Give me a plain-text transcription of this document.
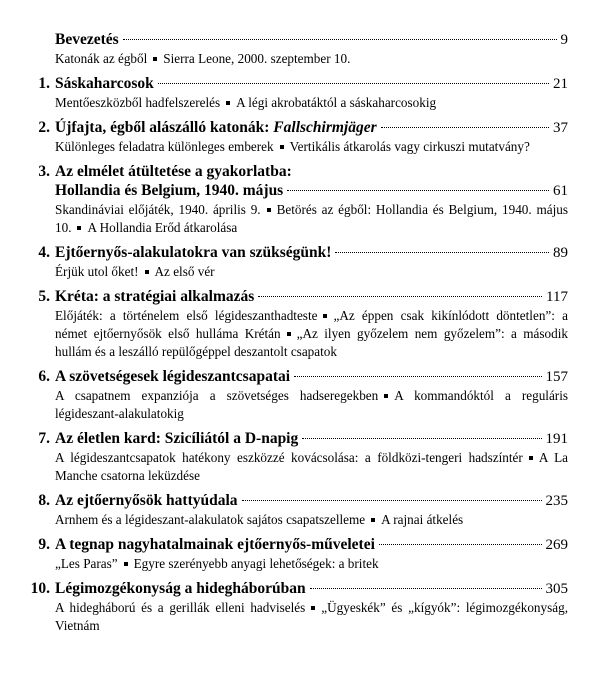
Bevezetés	9
Katonák az égből Sierra Leone, 2000. szeptember 10.
1. Sáskaharcosok	21
Mentőeszközből hadfelszerelés A légi akrobatáktól a sáskaharcosokig
2. Újfajta, égből alászálló katonák: Fallschirmjäger	37
Különleges feladatra különleges emberek Vertikális átkarolás vagy cirkuszi mutatvány?
3. Az elmélet átültetése a gyakorlatba:
Hollandia és Belgium, 1940. május	61
Skandináviai előjáték, 1940. április 9. Betörés az égből: Hollandia és Belgium, 1940. május 10. A Hollandia Erőd átkarolása
4. Ejtőernyős-alakulatokra van szükségünk!	89
Érjük utol őket! Az első vér
5. Kréta: a stratégiai alkalmazás	117
Előjáték: a történelem első légideszanthadteste „Az éppen csak kikínlódott döntetlen”: a német ejtőernyősök első hulláma Krétán „Az ilyen győzelem nem győzelem”: a második hullám és a leszálló repülőgéppel deszantolt csapatok
6. A szövetségesek légideszantcsapatai	157
A csapatnem expanziója a szövetséges hadseregekben A kommandóktól a reguláris légideszant-alakulatokig
7. Az életlen kard: Szicíliától a D-napig	191
A légideszantcsapatok hatékony eszközzé kovácsolása: a földközi-tengeri hadszíntér A La Manche csatorna leküzdése
8. Az ejtőernyősök hattyúdala	235
Arnhem és a légideszant-alakulatok sajátos csapatszelleme A rajnai átkelés
9. A tegnap nagyhatalmainak ejtőernyős-műveletei	269
„Les Paras” Egyre szerényebb anyagi lehetőségek: a britek
10. Légimozgékonyság a hidegháborúban	305
A hidegháború és a gerillák elleni hadviselés „Ügyeskék” és „kígyók”: légimozgékonyság, Vietnám
